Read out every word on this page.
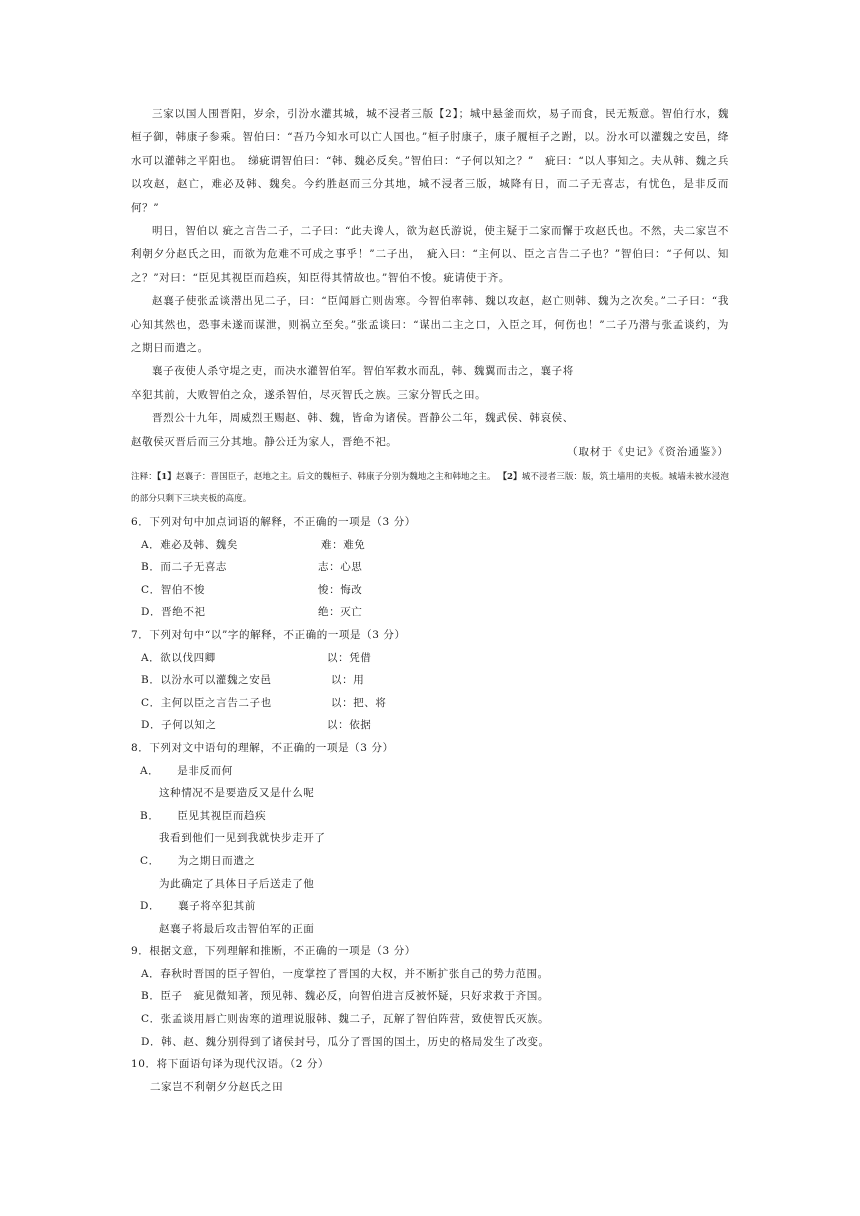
三家以国人围晋阳，岁余，引汾水灌其城，城不浸者三版【2】；城中悬釜而炊，易子而食，民无叛意。智伯行水，魏桓子御，韩康子参乘。智伯曰：“吾乃今知水可以亡人国也。”桓子肘康子，康子履桓子之跗，以。汾水可以灌魏之安邑，绛水可以灌韩之平阳也。　绨疵谓智伯曰：“韩、魏必反矣。”智伯曰：“子何以知之？”　疵曰：“以人事知之。夫从韩、魏之兵以攻赵，赵亡，难必及韩、魏矣。今约胜赵而三分其地，城不浸者三版，城降有日，而二子无喜志，有忧色，是非反而何？”

明日，智伯以 疵之言告二子，二子曰：“此夫谗人，欲为赵氏游说，使主疑于二家而懈于攻赵氏也。不然，夫二家岂不利朝夕分赵氏之田，而欲为危难不可成之事乎！”二子出，　疵入曰：“主何以、臣之言告二子也？”智伯曰：“子何以、知之？”对曰：“臣见其视臣而趋疾，知臣得其情故也。”智伯不悛。疵请使于齐。

赵襄子使张孟谈潜出见二子，曰：“臣闻唇亡则齿寒。今智伯率韩、魏以攻赵，赵亡则韩、魏为之次矣。”二子曰：“我心知其然也，恐事未遂而谋泄，则祸立至矣。”张孟谈曰：“谋出二主之口，入臣之耳，何伤也！”二子乃潜与张孟谈约，为之期日而遣之。

襄子夜使人杀守堤之吏，而决水灌智伯军。智伯军救水而乱，韩、魏翼而击之，襄子将

卒犯其前，大败智伯之众，遂杀智伯，尽灭智氏之族。三家分智氏之田。

晋烈公十九年，周威烈王赐赵、韩、魏，皆命为诸侯。晋静公二年，魏武侯、韩哀侯、

赵敬侯灭晋后而三分其地。静公迁为家人，晋绝不祀。

（取材于《史记》《资治通鉴》）
注释：【1】赵襄子：晋国臣子，赵地之主。后文的魏桓子、韩康子分别为魏地之主和韩地之主。 【2】城不浸者三版：版，筑土墙用的夹板。城墙未被水浸泡的部分只剩下三块夹板的高度。
6．下列对句中加点词语的解释，不正确的一项是（3 分）
A．难必及韩、魏矣	难：难免
B．而二子无喜志	志：心思
C．智伯不悛	悛：悔改
D．晋绝不祀	绝：灭亡
7．下列对句中“以”字的解释，不正确的一项是（3 分）
A．欲以伐四卿	以：凭借
B．以汾水可以灌魏之安邑	以：用
C．主何以臣之言告二子也	以：把、将
D．子何以知之	以：依据
8．下列对文中语句的理解，不正确的一项是（3 分）
A． 是非反而何
这种情况不是要造反又是什么呢
B． 臣见其视臣而趋疾
我看到他们一见到我就快步走开了
C． 为之期日而遣之
为此确定了具体日子后送走了他
D． 襄子将卒犯其前
赵襄子将最后攻击智伯军的正面
9．根据文意，下列理解和推断，不正确的一项是（3 分）
A．春秋时晋国的臣子智伯，一度掌控了晋国的大权，并不断扩张自己的势力范围。
B．臣子　疵见微知著，预见韩、魏必反，向智伯进言反被怀疑，只好求救于齐国。
C．张孟谈用唇亡则齿寒的道理说服韩、魏二子，瓦解了智伯阵营，致使智氏灭族。
D．韩、赵、魏分别得到了诸侯封号，瓜分了晋国的国土，历史的格局发生了改变。
10．将下面语句译为现代汉语。（2 分）
二家岂不利朝夕分赵氏之田
